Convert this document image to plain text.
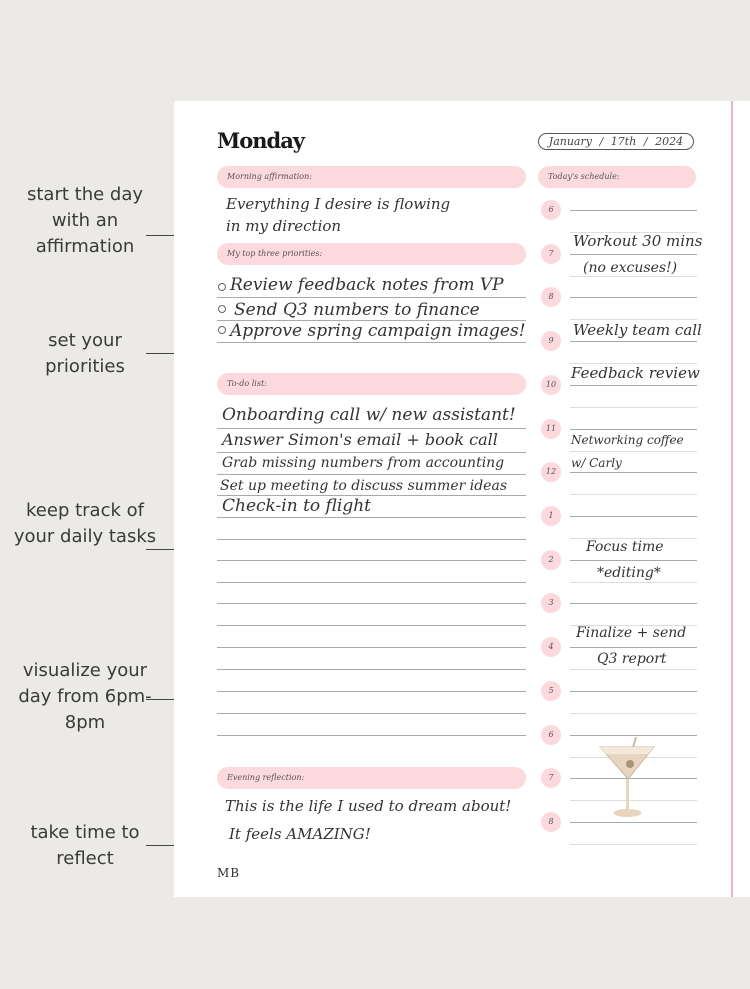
start the day with an affirmation
set your priorities
keep track of your daily tasks
visualize your day from 6pm-8pm
take time to reflect
Monday	January / 17th / 2024
Morning affirmation:
Everything I desire is flowing
in my direction
My top three priorities:
Review feedback notes from VP
Send Q3 numbers to finance
Approve spring campaign images!
To-do list:
Onboarding call w/ new assistant!
Answer Simon's email + book call
Grab missing numbers from accounting
Set up meeting to discuss summer ideas
Check-in to flight
Evening reflection:
This is the life I used to dream about!
It feels AMAZING!
MB
Today's schedule:
6
7
8
9
10
11
12
1
2
3
4
5
6
7
8
Workout 30 mins
(no excuses!)
Weekly team call
Feedback review
Networking coffee
w/ Carly
Focus time
*editing*
Finalize + send
Q3 report
